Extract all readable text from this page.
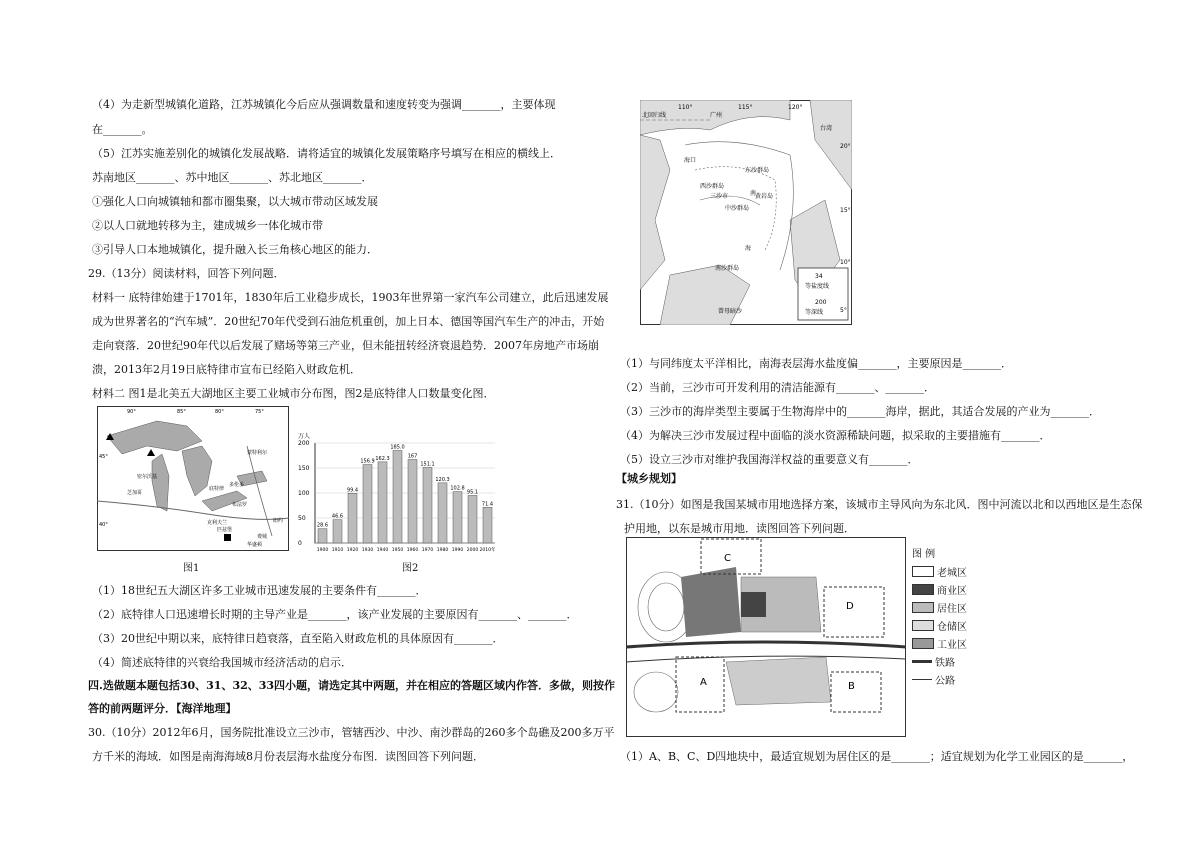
（4）为走新型城镇化道路，江苏城镇化今后应从强调数量和速度转变为强调_______，主要体现
在_______。
（5）江苏实施差别化的城镇化发展战略．请将适宜的城镇化发展策略序号填写在相应的横线上．
苏南地区_______、苏中地区_______、苏北地区_______．
①强化人口向城镇轴和都市圈集聚，以大城市带动区域发展
②以人口就地转移为主，建成城乡一体化城市带
③引导人口本地城镇化，提升融入长三角核心地区的能力．
29.（13分）阅读材料，回答下列问题．
材料一 底特律始建于1701年，1830年后工业稳步成长，1903年世界第一家汽车公司建立，此后迅速发展
成为世界著名的“汽车城”．20世纪70年代受到石油危机重创，加上日本、德国等国汽车生产的冲击，开始
走向衰落．20世纪90年代以后发展了赌场等第三产业，但未能扭转经济衰退趋势．2007年房地产市场崩
溃，2013年2月19日底特律市宣布已经陷入财政危机．
材料二 图1是北美五大湖地区主要工业城市分布图，图2是底特律人口数量变化图．
（1）18世纪五大湖区许多工业城市迅速发展的主要条件有_______．
（2）底特律人口迅速增长时期的主导产业是_______，该产业发展的主要原因有_______、_______．
（3）20世纪中期以来，底特律日趋衰落，直至陷入财政危机的具体原因有_______．
（4）简述底特律的兴衰给我国城市经济活动的启示．
30.（10分）2012年6月，国务院批准设立三沙市，管辖西沙、中沙、南沙群岛的260多个岛礁及200多万平
方千米的海域．如图是南海海域8月份表层海水盐度分布图．读图回答下列问题．
四.选做题本题包括30、31、32、33四小题，请选定其中两题，并在相应的答题区域内作答．多做，则按作
答的前两题评分．【海洋地理】
芝加哥
底特律
克利夫兰
多伦多
布法罗
匹兹堡
蒙特利尔
纽约
费城
华盛顿
密尔沃基
90°	85°	80°	75°
45°
40°
图1
万人
0
50
100
150
200
28.6
1900
46.6
1910
99.4
1920
156.9
1930
162.3
1940
185.0
1950
167
1960
151.1
1970
120.3
1980
102.8
1990
95.1
2000
71.4
2010年
图2
（1）与同纬度太平洋相比，南海表层海水盐度偏_______，主要原因是_______．
（2）当前，三沙市可开发利用的清洁能源有_______、_______．
（3）三沙市的海岸类型主要属于生物海岸中的_______海岸，据此，其适合发展的产业为_______．
（4）为解决三沙市发展过程中面临的淡水资源稀缺问题，拟采取的主要措施有_______．
（5）设立三沙市对维护我国海洋权益的重要意义有_______．
31.（10分）如图是我国某城市用地选择方案，该城市主导风向为东北风．图中河流以北和以西地区是生态保
护用地，以东是城市用地．读图回答下列问题．
（1）A、B、C、D四地块中，最适宜规划为居住区的是_______；适宜规划为化学工业园区的是_______，
【城乡规划】
110°	115°	120°
20°
15°
10°
5°
北回归线	广州
台湾
海口
东沙群岛
西沙群岛
三沙市
中沙群岛
黄岩岛
南
海
南沙群岛
曾母暗沙
34
等盐度线
200
等深线
C
D
A	B
图 例
老城区
商业区
居住区
仓储区
工业区
铁路
公路
